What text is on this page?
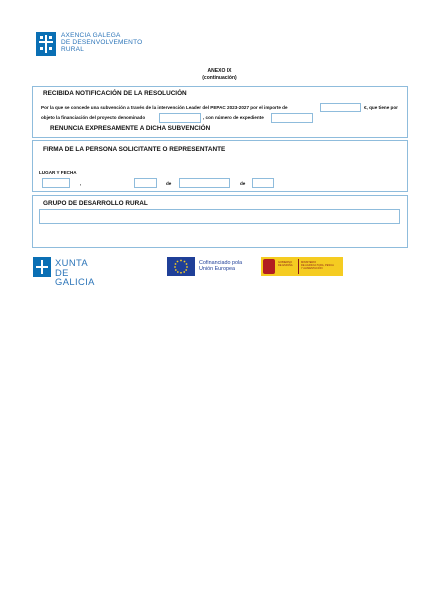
AXENCIA GALEGA
DE DESENVOLVEMENTO
RURAL
ANEXO IX
(continuación)
RECIBIDA NOTIFICACIÓN DE LA RESOLUCIÓN
Por la que se concede una subvención a través de la intervención Leader del PEPAC 2023-2027 por el importe de	€, que tiene por
objeto la financiación del proyecto denominado	, con número de expediente
RENUNCIA EXPRESAMENTE A DICHA SUBVENCIÓN
FIRMA DE LA PERSONA SOLICITANTE O REPRESENTANTE
LUGAR Y FECHA
,	de	de
GRUPO DE DESARROLLO RURAL
XUNTA
DE GALICIA
Cofinanciado pola
Unión Europea
GOBIERNO
DE ESPAÑA
MINISTERIO
DE AGRICULTURA, PESCA
Y ALIMENTACIÓN
